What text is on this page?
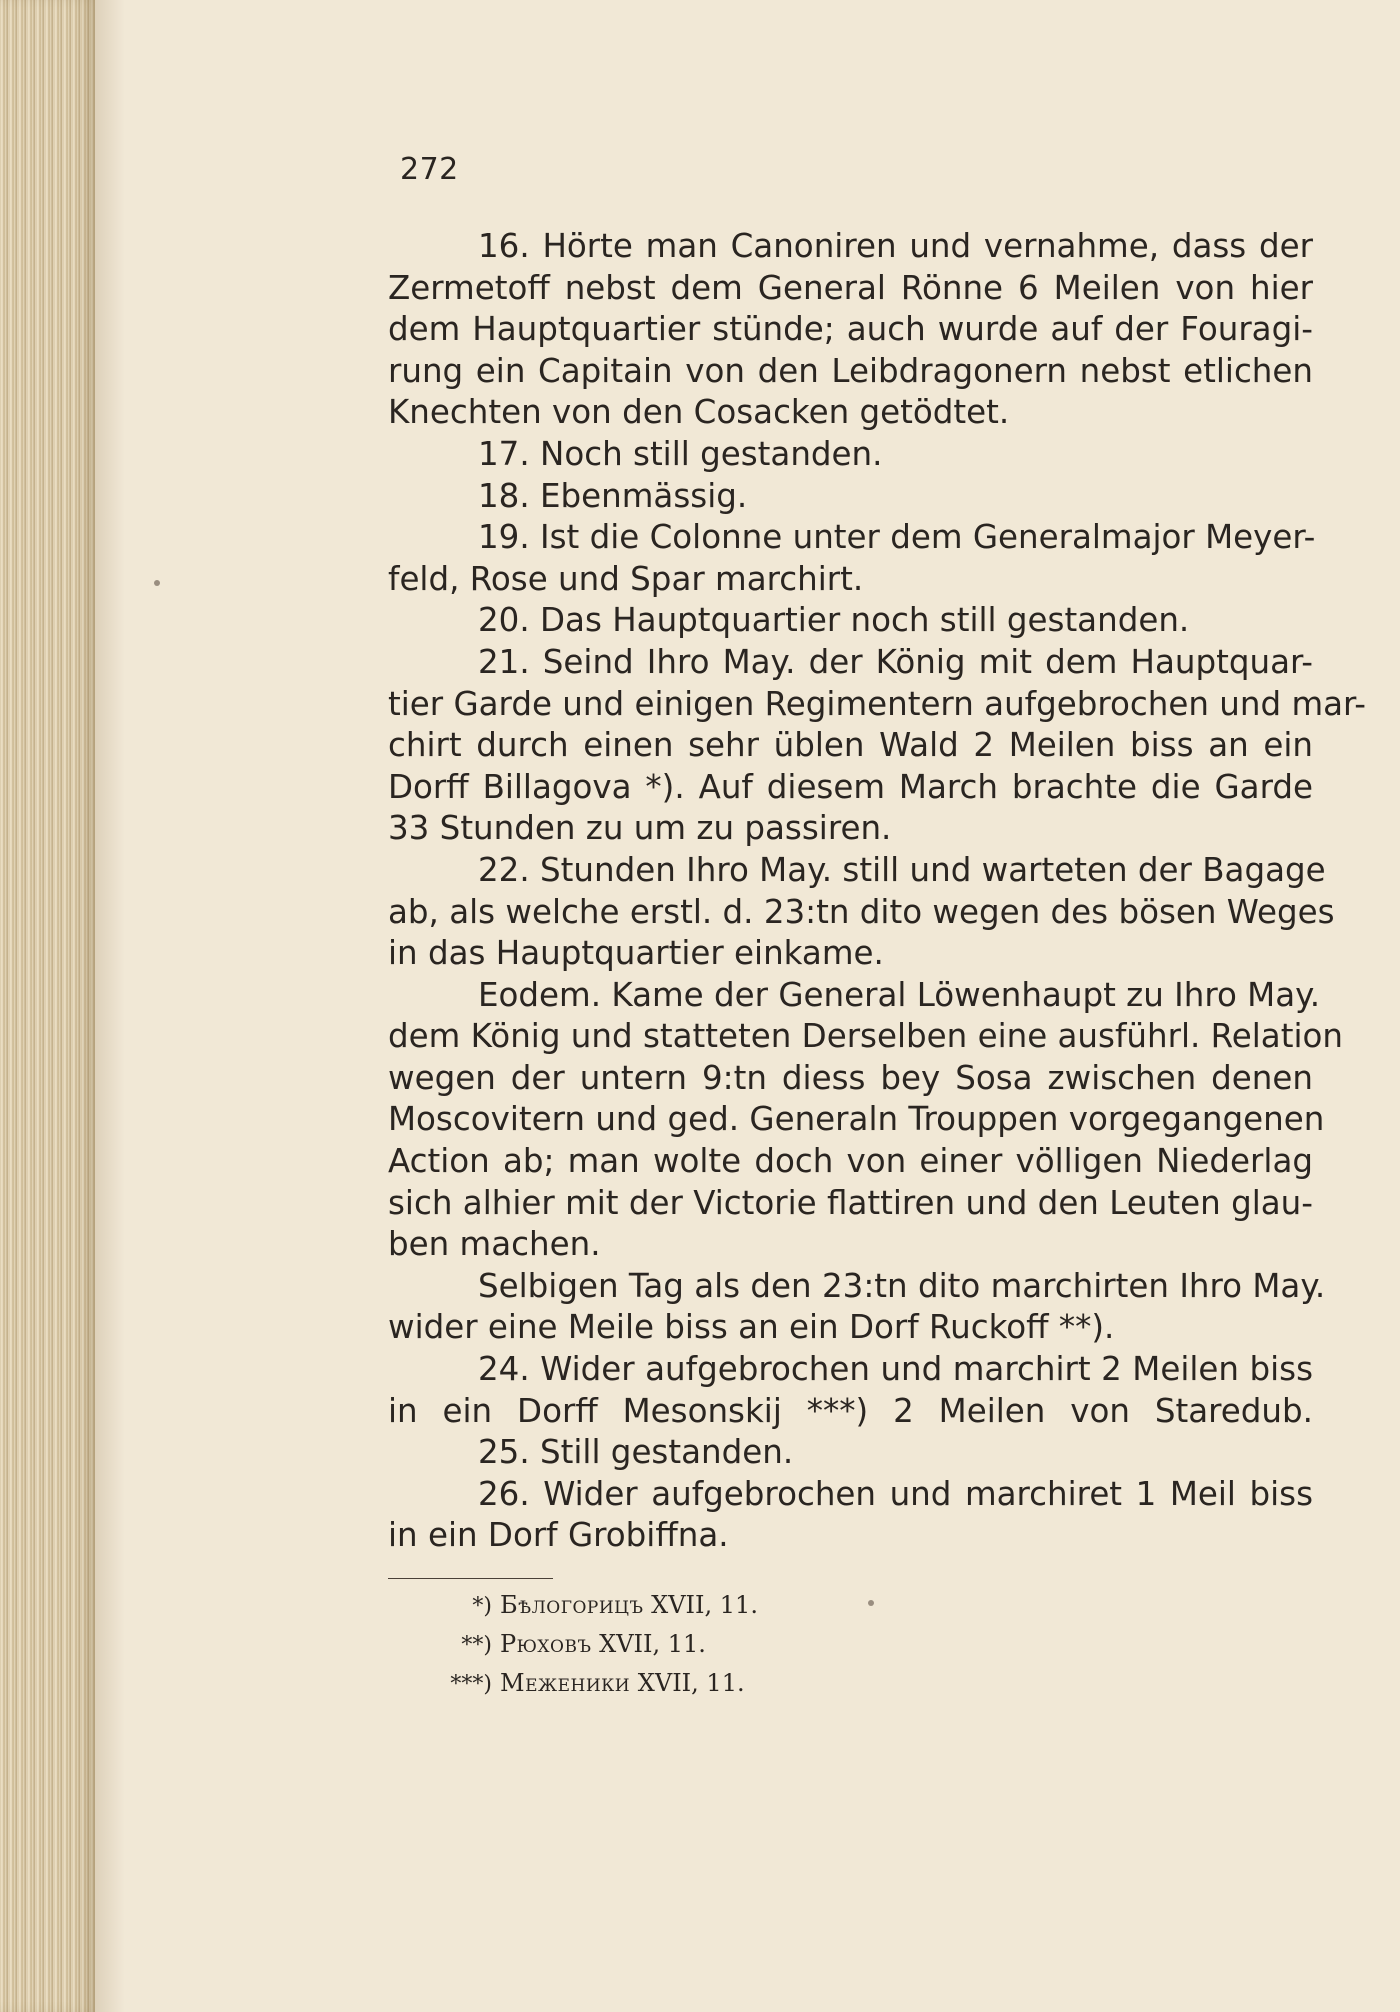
272
16. Hörte man Canoniren und vernahme, dass der
Zermetoff nebst dem General Rönne 6 Meilen von hier
dem Hauptquartier stünde; auch wurde auf der Fouragi-
rung ein Capitain von den Leibdragonern nebst etlichen
Knechten von den Cosacken getödtet.
17. Noch still gestanden.
18. Ebenmässig.
19. Ist die Colonne unter dem Generalmajor Meyer-
feld, Rose und Spar marchirt.
20. Das Hauptquartier noch still gestanden.
21. Seind Ihro May. der König mit dem Hauptquar-
tier Garde und einigen Regimentern aufgebrochen und mar-
chirt durch einen sehr üblen Wald 2 Meilen biss an ein
Dorff Billagova *). Auf diesem March brachte die Garde
33 Stunden zu um zu passiren.
22. Stunden Ihro May. still und warteten der Bagage
ab, als welche erstl. d. 23:tn dito wegen des bösen Weges
in das Hauptquartier einkame.
Eodem. Kame der General Löwenhaupt zu Ihro May.
dem König und statteten Derselben eine ausführl. Relation
wegen der untern 9:tn diess bey Sosa zwischen denen
Moscovitern und ged. Generaln Trouppen vorgegangenen
Action ab; man wolte doch von einer völligen Niederlag
sich alhier mit der Victorie flattiren und den Leuten glau-
ben machen.
Selbigen Tag als den 23:tn dito marchirten Ihro May.
wider eine Meile biss an ein Dorf Ruckoff **).
24. Wider aufgebrochen und marchirt 2 Meilen biss
in ein Dorff Mesonskij ***) 2 Meilen von Staredub.
25. Still gestanden.
26. Wider aufgebrochen und marchiret 1 Meil biss
in ein Dorf Grobiffna.
*) Бѣлогорицъ XVII, 11.
**) Рюховъ XVII, 11.
***) Меженики XVII, 11.
